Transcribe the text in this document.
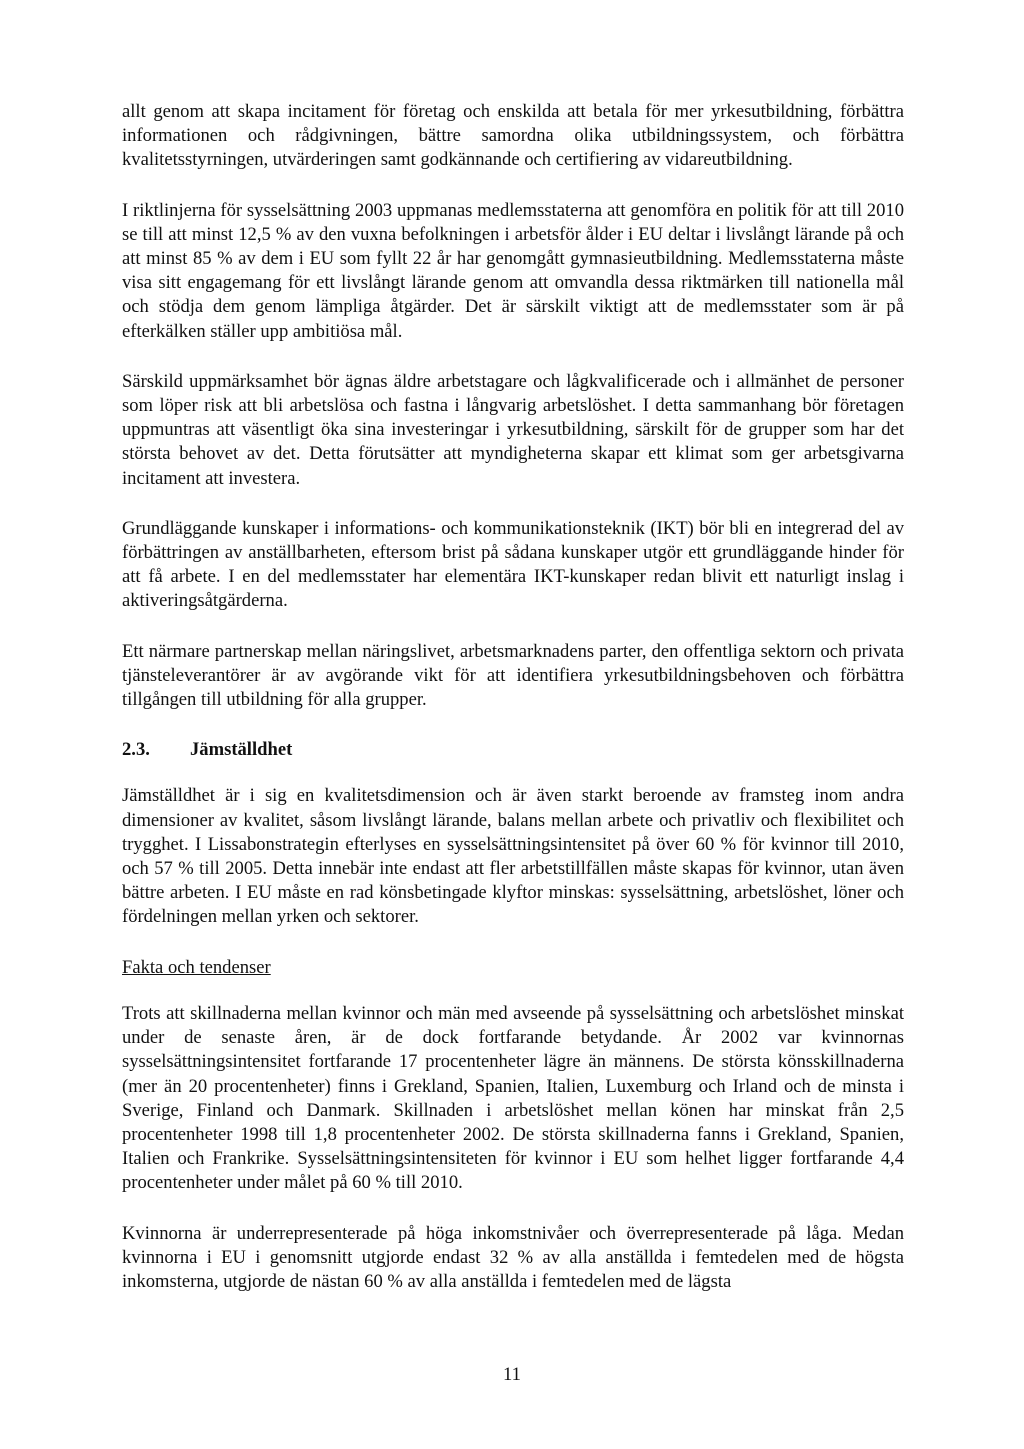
allt genom att skapa incitament för företag och enskilda att betala för mer yrkesutbildning, förbättra informationen och rådgivningen, bättre samordna olika utbildningssystem, och förbättra kvalitetsstyrningen, utvärderingen samt godkännande och certifiering av vidareutbildning.

I riktlinjerna för sysselsättning 2003 uppmanas medlemsstaterna att genomföra en politik för att till 2010 se till att minst 12,5 % av den vuxna befolkningen i arbetsför ålder i EU deltar i livslångt lärande på och att minst 85 % av dem i EU som fyllt 22 år har genomgått gymnasieutbildning. Medlemsstaterna måste visa sitt engagemang för ett livslångt lärande genom att omvandla dessa riktmärken till nationella mål och stödja dem genom lämpliga åtgärder. Det är särskilt viktigt att de medlemsstater som är på efterkälken ställer upp ambitiösa mål.

Särskild uppmärksamhet bör ägnas äldre arbetstagare och lågkvalificerade och i allmänhet de personer som löper risk att bli arbetslösa och fastna i långvarig arbetslöshet. I detta sammanhang bör företagen uppmuntras att väsentligt öka sina investeringar i yrkesutbildning, särskilt för de grupper som har det största behovet av det. Detta förutsätter att myndigheterna skapar ett klimat som ger arbetsgivarna incitament att investera.

Grundläggande kunskaper i informations- och kommunikationsteknik (IKT) bör bli en integrerad del av förbättringen av anställbarheten, eftersom brist på sådana kunskaper utgör ett grundläggande hinder för att få arbete. I en del medlemsstater har elementära IKT-kunskaper redan blivit ett naturligt inslag i aktiveringsåtgärderna.

Ett närmare partnerskap mellan näringslivet, arbetsmarknadens parter, den offentliga sektorn och privata tjänsteleverantörer är av avgörande vikt för att identifiera yrkesutbildningsbehoven och förbättra tillgången till utbildning för alla grupper.

2.3.	Jämställdhet

Jämställdhet är i sig en kvalitetsdimension och är även starkt beroende av framsteg inom andra dimensioner av kvalitet, såsom livslångt lärande, balans mellan arbete och privatliv och flexibilitet och trygghet. I Lissabonstrategin efterlyses en sysselsättningsintensitet på över 60 % för kvinnor till 2010, och 57 % till 2005. Detta innebär inte endast att fler arbetstillfällen måste skapas för kvinnor, utan även bättre arbeten. I EU måste en rad könsbetingade klyftor minskas: sysselsättning, arbetslöshet, löner och fördelningen mellan yrken och sektorer.

Fakta och tendenser

Trots att skillnaderna mellan kvinnor och män med avseende på sysselsättning och arbetslöshet minskat under de senaste åren, är de dock fortfarande betydande. År 2002 var kvinnornas sysselsättningsintensitet fortfarande 17 procentenheter lägre än männens. De största könsskillnaderna (mer än 20 procentenheter) finns i Grekland, Spanien, Italien, Luxemburg och Irland och de minsta i Sverige, Finland och Danmark. Skillnaden i arbetslöshet mellan könen har minskat från 2,5 procentenheter 1998 till 1,8 procentenheter 2002. De största skillnaderna fanns i Grekland, Spanien, Italien och Frankrike. Sysselsättningsintensiteten för kvinnor i EU som helhet ligger fortfarande 4,4 procentenheter under målet på 60 % till 2010.

Kvinnorna är underrepresenterade på höga inkomstnivåer och överrepresenterade på låga. Medan kvinnorna i EU i genomsnitt utgjorde endast 32 % av alla anställda i femtedelen med de högsta inkomsterna, utgjorde de nästan 60 % av alla anställda i femtedelen med de lägsta

11
